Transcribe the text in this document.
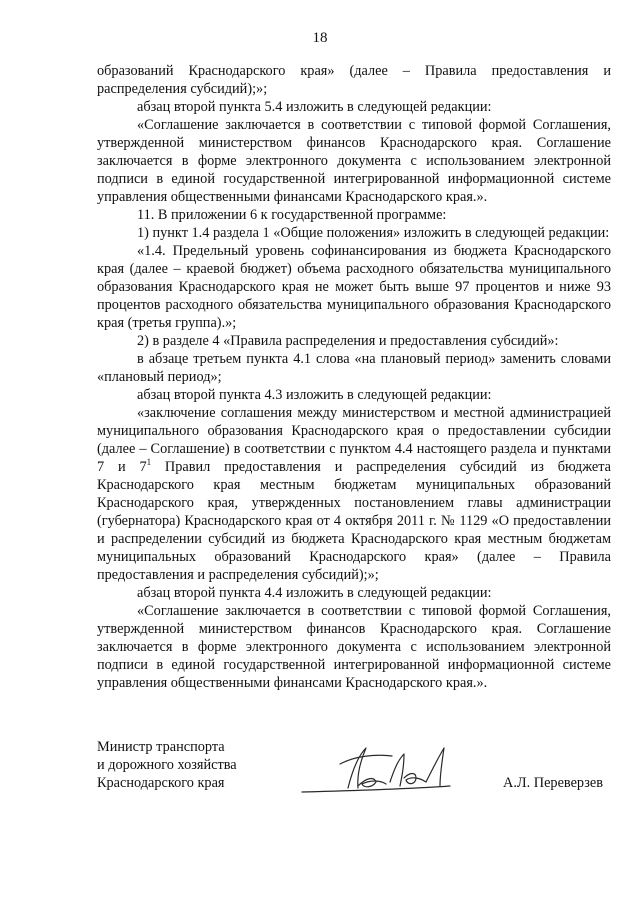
18

образований Краснодарского края» (далее – Правила предоставления и распределения субсидий);»;

абзац второй пункта 5.4 изложить в следующей редакции:

«Соглашение заключается в соответствии с типовой формой Соглашения, утвержденной министерством финансов Краснодарского края. Соглашение заключается в форме электронного документа с использованием электронной подписи в единой государственной интегрированной информационной системе управления общественными финансами Краснодарского края.».

11. В приложении 6 к государственной программе:

1) пункт 1.4 раздела 1 «Общие положения» изложить в следующей редакции:

«1.4. Предельный уровень софинансирования из бюджета Краснодарского края (далее – краевой бюджет) объема расходного обязательства муниципального образования Краснодарского края не может быть выше 97 процентов и ниже 93 процентов расходного обязательства муниципального образования Краснодарского края (третья группа).»;

2) в разделе 4 «Правила распределения и предоставления субсидий»:

в абзаце третьем пункта 4.1 слова «на плановый период» заменить словами «плановый период»;

абзац второй пункта 4.3 изложить в следующей редакции:

«заключение соглашения между министерством и местной администрацией муниципального образования Краснодарского края о предоставлении субсидии (далее – Соглашение) в соответствии с пунктом 4.4 настоящего раздела и пунктами 7 и $7^1$ Правил предоставления и распределения субсидий из бюджета Краснодарского края местным бюджетам муниципальных образований Краснодарского края, утвержденных постановлением главы администрации (губернатора) Краснодарского края от 4 октября 2011 г. № 1129 «О предоставлении и распределении субсидий из бюджета Краснодарского края местным бюджетам муниципальных образований Краснодарского края» (далее – Правила предоставления и распределения субсидий);»;

абзац второй пункта 4.4 изложить в следующей редакции:

«Соглашение заключается в соответствии с типовой формой Соглашения, утвержденной министерством финансов Краснодарского края. Соглашение заключается в форме электронного документа с использованием электронной подписи в единой государственной интегрированной информационной системе управления общественными финансами Краснодарского края.».

Министр транспорта
и дорожного хозяйства
Краснодарского края	А.Л. Переверзев
